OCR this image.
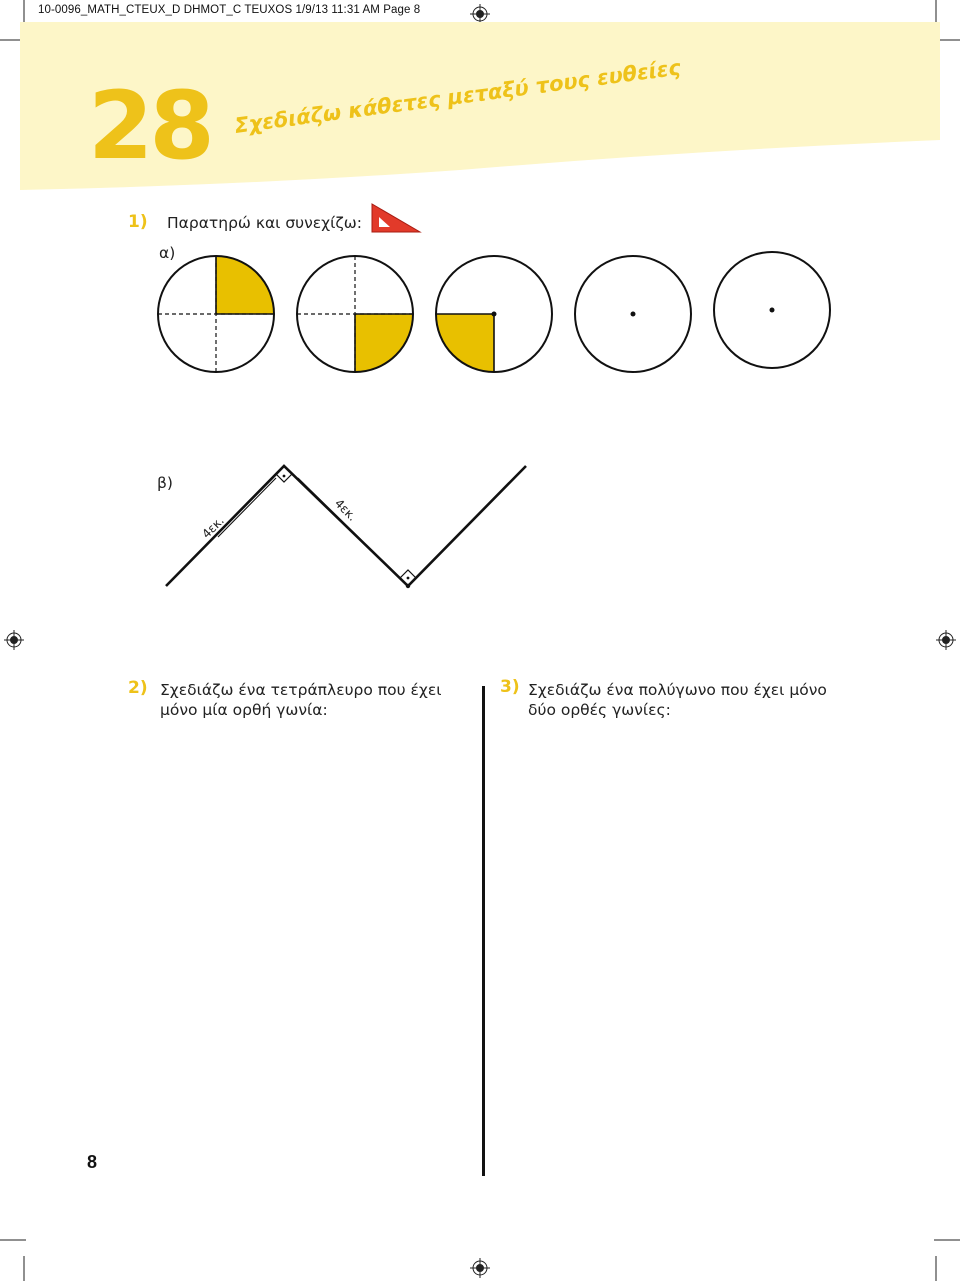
10-0096_MATH_CTEUX_D DHMOT_C TEUXOS 1/9/13 11:31 AM Page 8
28 Σχεδιάζω κάθετες μεταξύ τους ευθείες
1) Παρατηρώ και συνεχίζω:
α)
β)
4εκ.
4εκ.
2) Σχεδιάζω ένα τετράπλευρο που έχει μόνο μία ορθή γωνία:
3) Σχεδιάζω ένα πολύγωνο που έχει μόνο δύο ορθές γωνίες:
8
